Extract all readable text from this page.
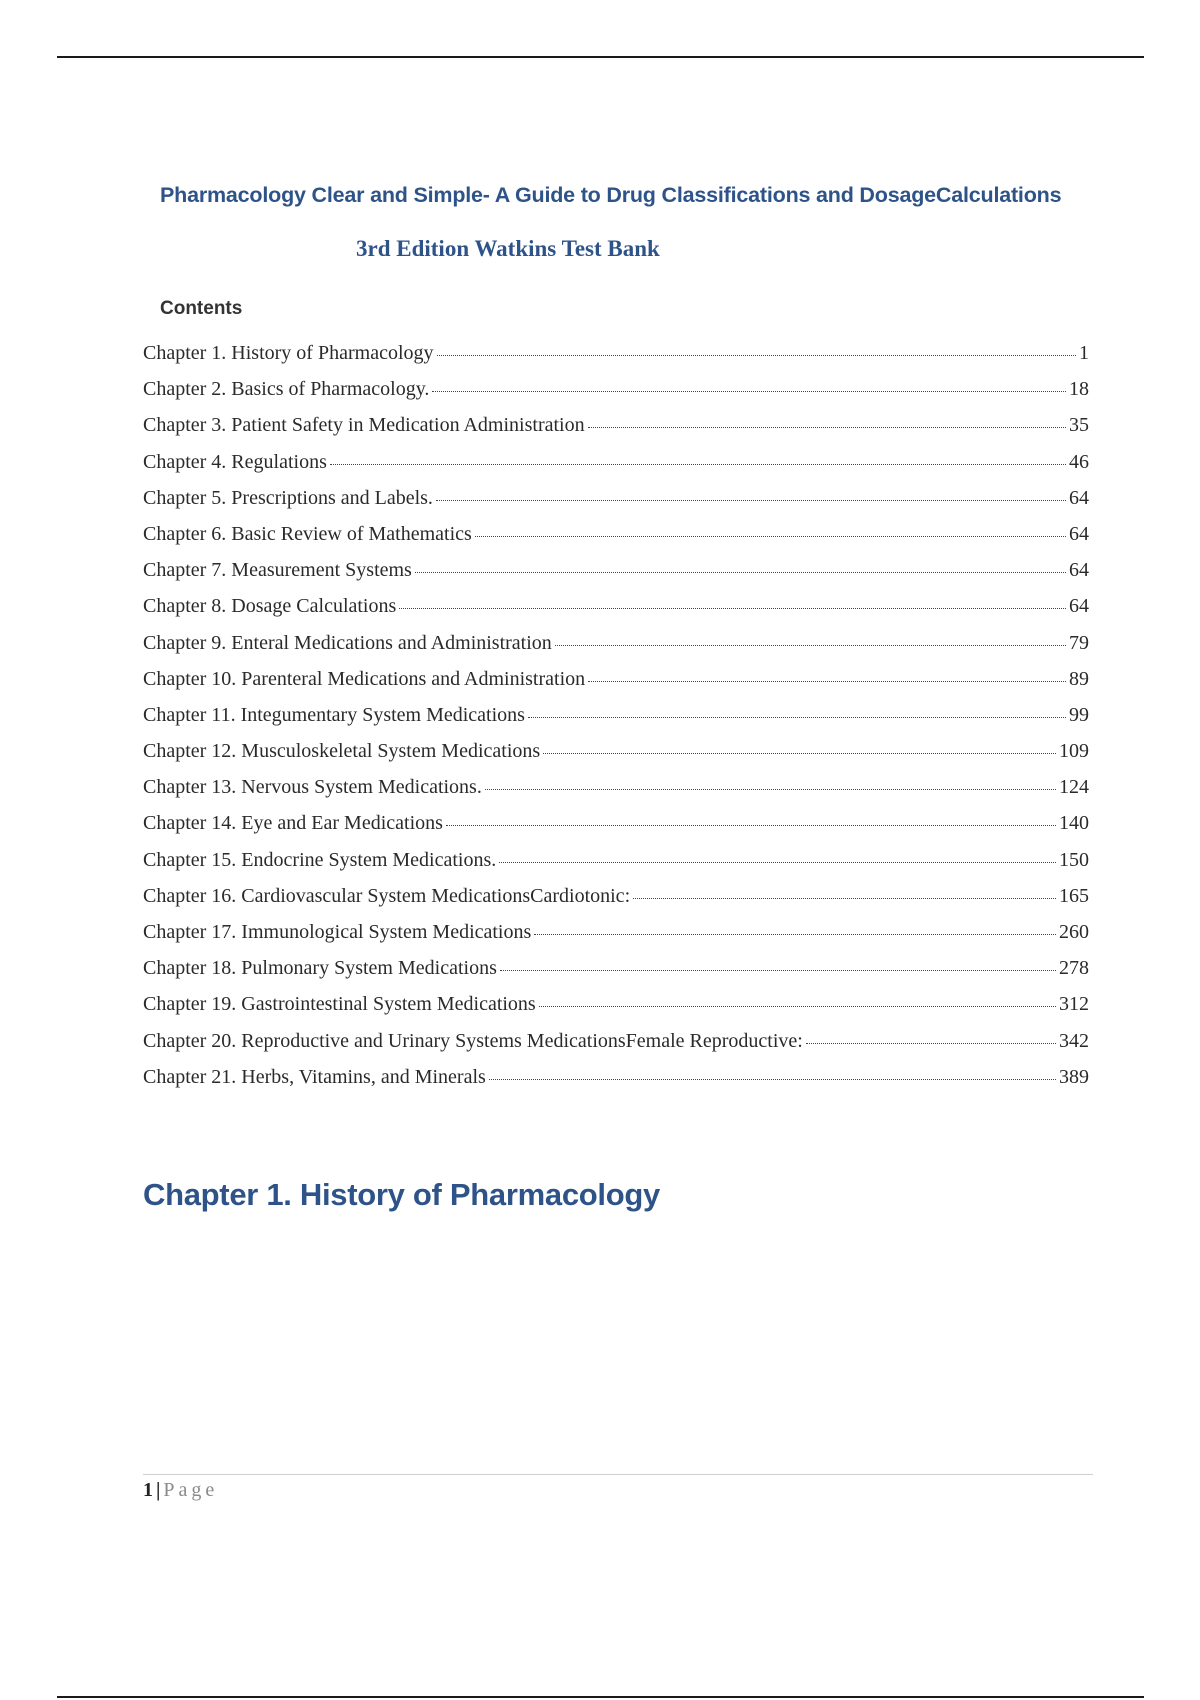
Pharmacology Clear and Simple- A Guide to Drug Classifications and DosageCalculations
3rd Edition Watkins Test Bank
Contents
Chapter 1. History of Pharmacology	1
Chapter 2. Basics of Pharmacology.	18
Chapter 3. Patient Safety in Medication Administration	35
Chapter 4. Regulations	46
Chapter 5. Prescriptions and Labels.	64
Chapter 6. Basic Review of Mathematics	64
Chapter 7. Measurement Systems	64
Chapter 8. Dosage Calculations	64
Chapter 9. Enteral Medications and Administration	79
Chapter 10. Parenteral Medications and Administration	89
Chapter 11. Integumentary System Medications	99
Chapter 12. Musculoskeletal System Medications	109
Chapter 13. Nervous System Medications.	124
Chapter 14. Eye and Ear Medications	140
Chapter 15. Endocrine System Medications.	150
Chapter 16. Cardiovascular System MedicationsCardiotonic:	165
Chapter 17. Immunological System Medications	260
Chapter 18. Pulmonary System Medications	278
Chapter 19. Gastrointestinal System Medications	312
Chapter 20. Reproductive and Urinary Systems MedicationsFemale Reproductive:	342
Chapter 21. Herbs, Vitamins, and Minerals	389
Chapter 1. History of Pharmacology
1 | Page
